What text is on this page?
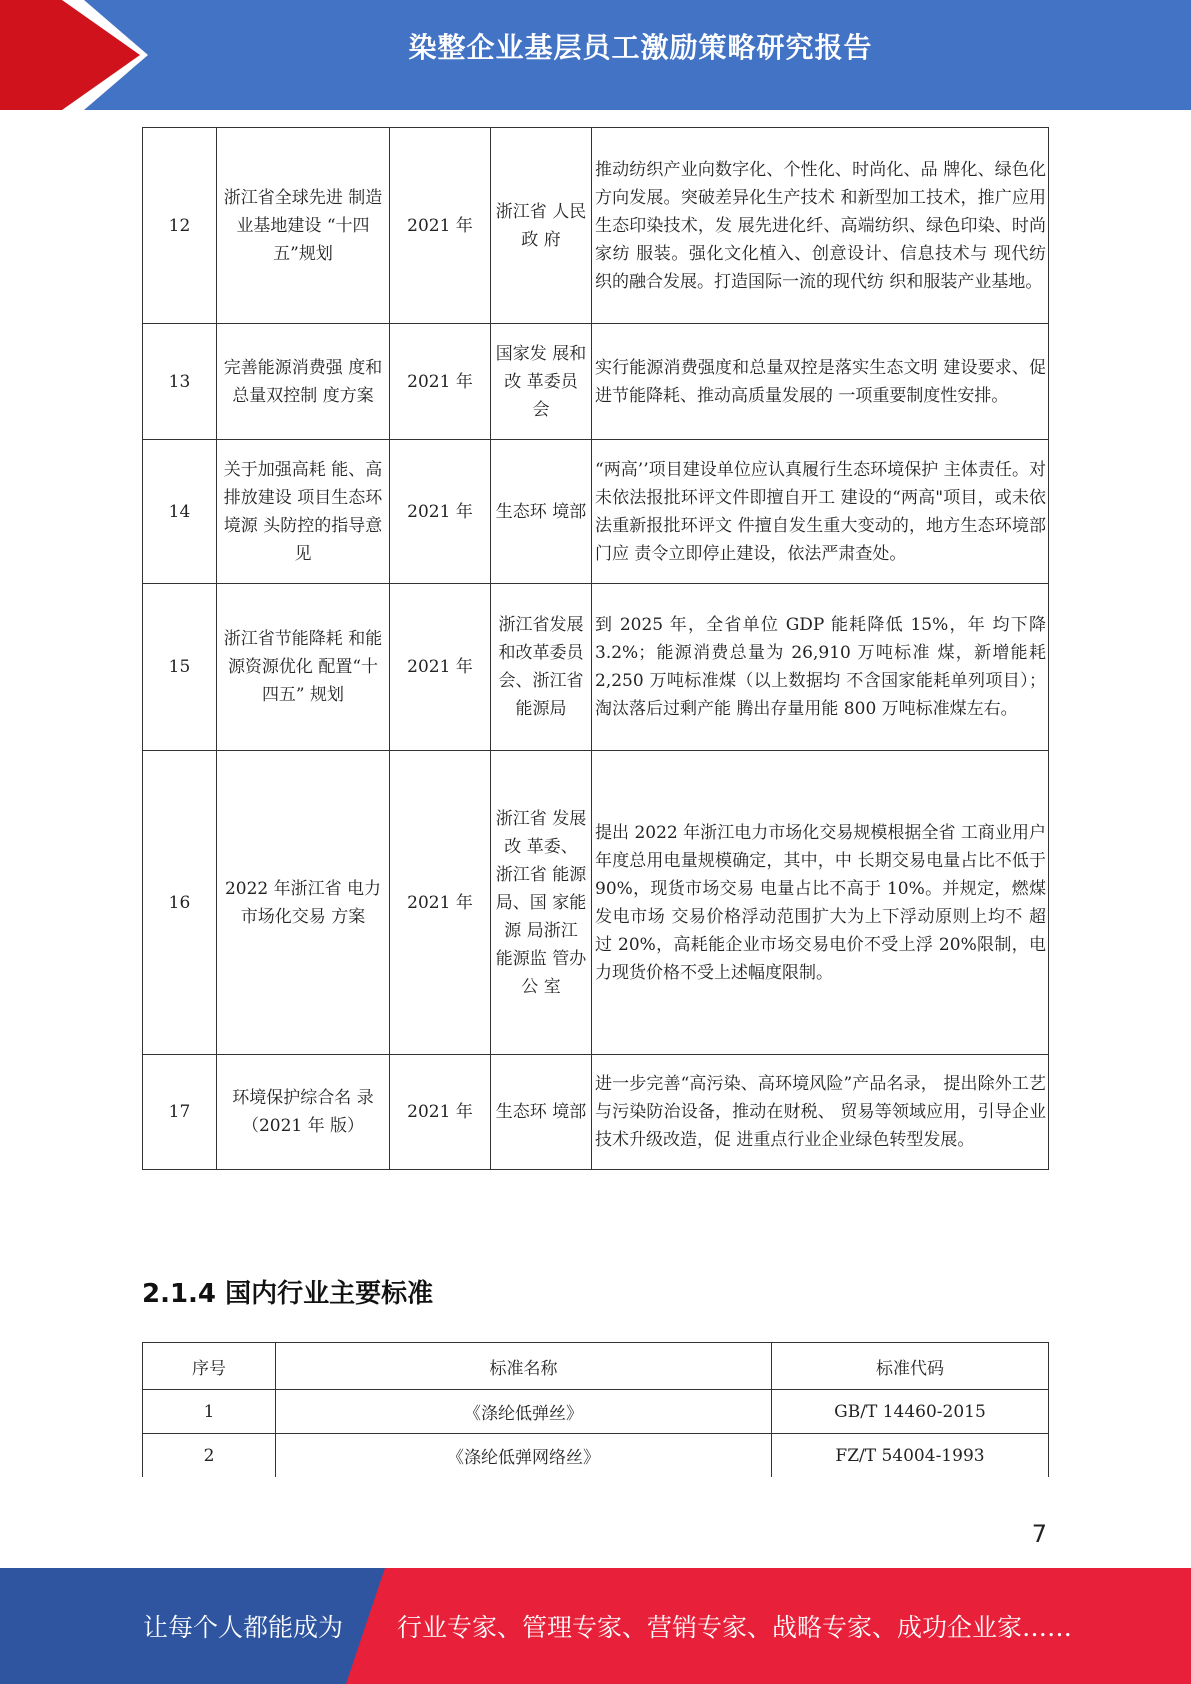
染整企业基层员工激励策略研究报告
12	浙江省全球先进 制造业基地建设 “十四五”规划	2021 年	浙江省 人民政 府	推动纺织产业向数字化、个性化、时尚化、品 牌化、绿色化方向发展。突破差异化生产技术 和新型加工技术，推广应用生态印染技术，发 展先进化纤、高端纺织、绿色印染、时尚家纺 服装。强化文化植入、创意设计、信息技术与 现代纺织的融合发展。打造国际一流的现代纺 织和服装产业基地。
13	完善能源消费强 度和总量双控制 度方案	2021 年	国家发 展和改 革委员 会	实行能源消费强度和总量双控是落实生态文明 建设要求、促进节能降耗、推动高质量发展的 一项重要制度性安排。
14	关于加强高耗 能、高排放建设 项目生态环境源 头防控的指导意 见	2021 年	生态环 境部	“两高’’项目建设单位应认真履行生态环境保护 主体责任。对未依法报批环评文件即擅自开工 建设的“两高"项目，或未依法重新报批环评文 件擅自发生重大变动的，地方生态环境部门应 责令立即停止建设，依法严肃查处。
15	浙江省节能降耗 和能源资源优化 配置“十四五” 规划	2021 年	浙江省发展和改革委员会、浙江省能源局	到 2025 年，全省单位 GDP 能耗降低 15%，年 均下降 3.2%；能源消费总量为 26,910 万吨标准 煤，新增能耗 2,250 万吨标准煤（以上数据均 不含国家能耗单列项目）；淘汰落后过剩产能 腾出存量用能 800 万吨标准煤左右。
16	2022 年浙江省 电力市场化交易 方案	2021 年	浙江省 发展改 革委、 浙江省 能源局、国 家能源 局浙江 能源监 管办公 室	提出 2022 年浙江电力市场化交易规模根据全省 工商业用户年度总用电量规模确定，其中，中 长期交易电量占比不低于 90%，现货市场交易 电量占比不高于 10%。并规定，燃煤发电市场 交易价格浮动范围扩大为上下浮动原则上均不 超过 20%，高耗能企业市场交易电价不受上浮 20%限制，电力现货价格不受上述幅度限制。
17	环境保护综合名 录（2021 年 版）	2021 年	生态环 境部	进一步完善“高污染、高环境风险”产品名录， 提出除外工艺与污染防治设备，推动在财税、 贸易等领域应用，引导企业技术升级改造，促 进重点行业企业绿色转型发展。
2.1.4 国内行业主要标准
序号	标准名称	标准代码
1	《涤纶低弹丝》	GB/T 14460-2015
2	《涤纶低弹网络丝》	FZ/T 54004-1993
7
让每个人都能成为 行业专家、管理专家、营销专家、战略专家、成功企业家……
